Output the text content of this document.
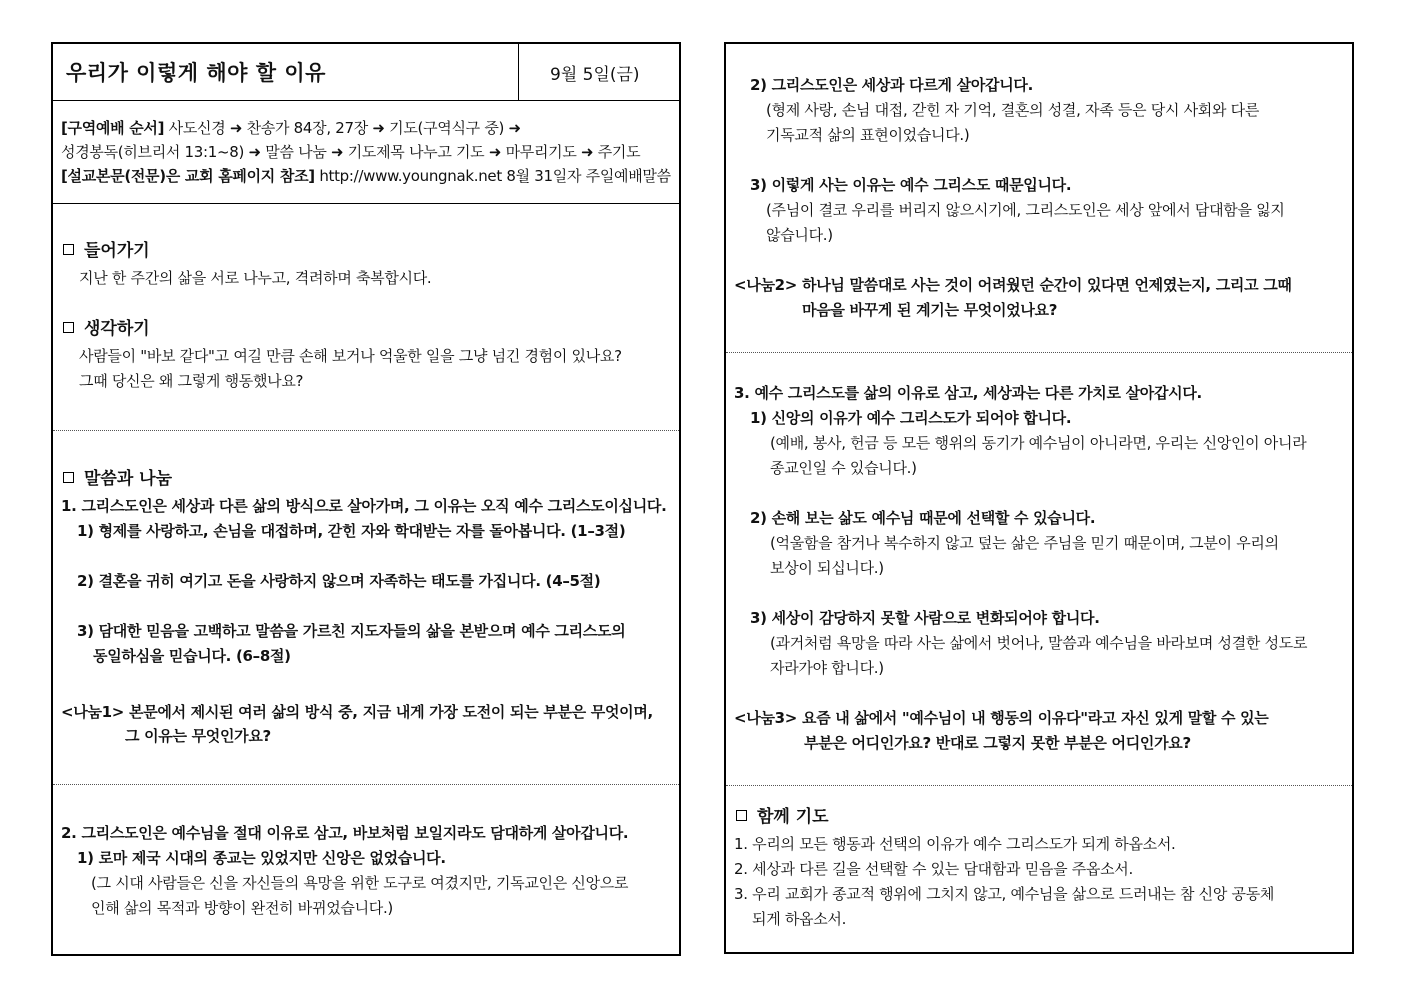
우리가 이렇게 해야 할 이유	9월 5일(금)
[구역예배 순서] 사도신경 ➜ 찬송가 84장, 27장 ➜ 기도(구역식구 중) ➜
성경봉독(히브리서 13:1~8) ➜ 말씀 나눔 ➜ 기도제목 나누고 기도 ➜ 마무리기도 ➜ 주기도
[설교본문(전문)은 교회 홈페이지 참조] http://www.youngnak.net 8월 31일자 주일예배말씀
들어가기
지난 한 주간의 삶을 서로 나누고, 격려하며 축복합시다.
생각하기
사람들이 "바보 같다"고 여길 만큼 손해 보거나 억울한 일을 그냥 넘긴 경험이 있나요?
그때 당신은 왜 그렇게 행동했나요?
말씀과 나눔
1. 그리스도인은 세상과 다른 삶의 방식으로 살아가며, 그 이유는 오직 예수 그리스도이십니다.
1) 형제를 사랑하고, 손님을 대접하며, 갇힌 자와 학대받는 자를 돌아봅니다. (1–3절)
2) 결혼을 귀히 여기고 돈을 사랑하지 않으며 자족하는 태도를 가집니다. (4–5절)
3) 담대한 믿음을 고백하고 말씀을 가르친 지도자들의 삶을 본받으며 예수 그리스도의
동일하심을 믿습니다. (6–8절)
<나눔1> 본문에서 제시된 여러 삶의 방식 중, 지금 내게 가장 도전이 되는 부분은 무엇이며,
그 이유는 무엇인가요?
2. 그리스도인은 예수님을 절대 이유로 삼고, 바보처럼 보일지라도 담대하게 살아갑니다.
1) 로마 제국 시대의 종교는 있었지만 신앙은 없었습니다.
(그 시대 사람들은 신을 자신들의 욕망을 위한 도구로 여겼지만, 기독교인은 신앙으로
인해 삶의 목적과 방향이 완전히 바뀌었습니다.)
2) 그리스도인은 세상과 다르게 살아갑니다.
(형제 사랑, 손님 대접, 갇힌 자 기억, 결혼의 성결, 자족 등은 당시 사회와 다른
기독교적 삶의 표현이었습니다.)
3) 이렇게 사는 이유는 예수 그리스도 때문입니다.
(주님이 결코 우리를 버리지 않으시기에, 그리스도인은 세상 앞에서 담대함을 잃지
않습니다.)
<나눔2> 하나님 말씀대로 사는 것이 어려웠던 순간이 있다면 언제였는지, 그리고 그때
마음을 바꾸게 된 계기는 무엇이었나요?
3. 예수 그리스도를 삶의 이유로 삼고, 세상과는 다른 가치로 살아갑시다.
1) 신앙의 이유가 예수 그리스도가 되어야 합니다.
(예배, 봉사, 헌금 등 모든 행위의 동기가 예수님이 아니라면, 우리는 신앙인이 아니라
종교인일 수 있습니다.)
2) 손해 보는 삶도 예수님 때문에 선택할 수 있습니다.
(억울함을 참거나 복수하지 않고 덮는 삶은 주님을 믿기 때문이며, 그분이 우리의
보상이 되십니다.)
3) 세상이 감당하지 못할 사람으로 변화되어야 합니다.
(과거처럼 욕망을 따라 사는 삶에서 벗어나, 말씀과 예수님을 바라보며 성결한 성도로
자라가야 합니다.)
<나눔3> 요즘 내 삶에서 "예수님이 내 행동의 이유다"라고 자신 있게 말할 수 있는
부분은 어디인가요? 반대로 그렇지 못한 부분은 어디인가요?
함께 기도
1. 우리의 모든 행동과 선택의 이유가 예수 그리스도가 되게 하옵소서.
2. 세상과 다른 길을 선택할 수 있는 담대함과 믿음을 주옵소서.
3. 우리 교회가 종교적 행위에 그치지 않고, 예수님을 삶으로 드러내는 참 신앙 공동체
되게 하옵소서.
